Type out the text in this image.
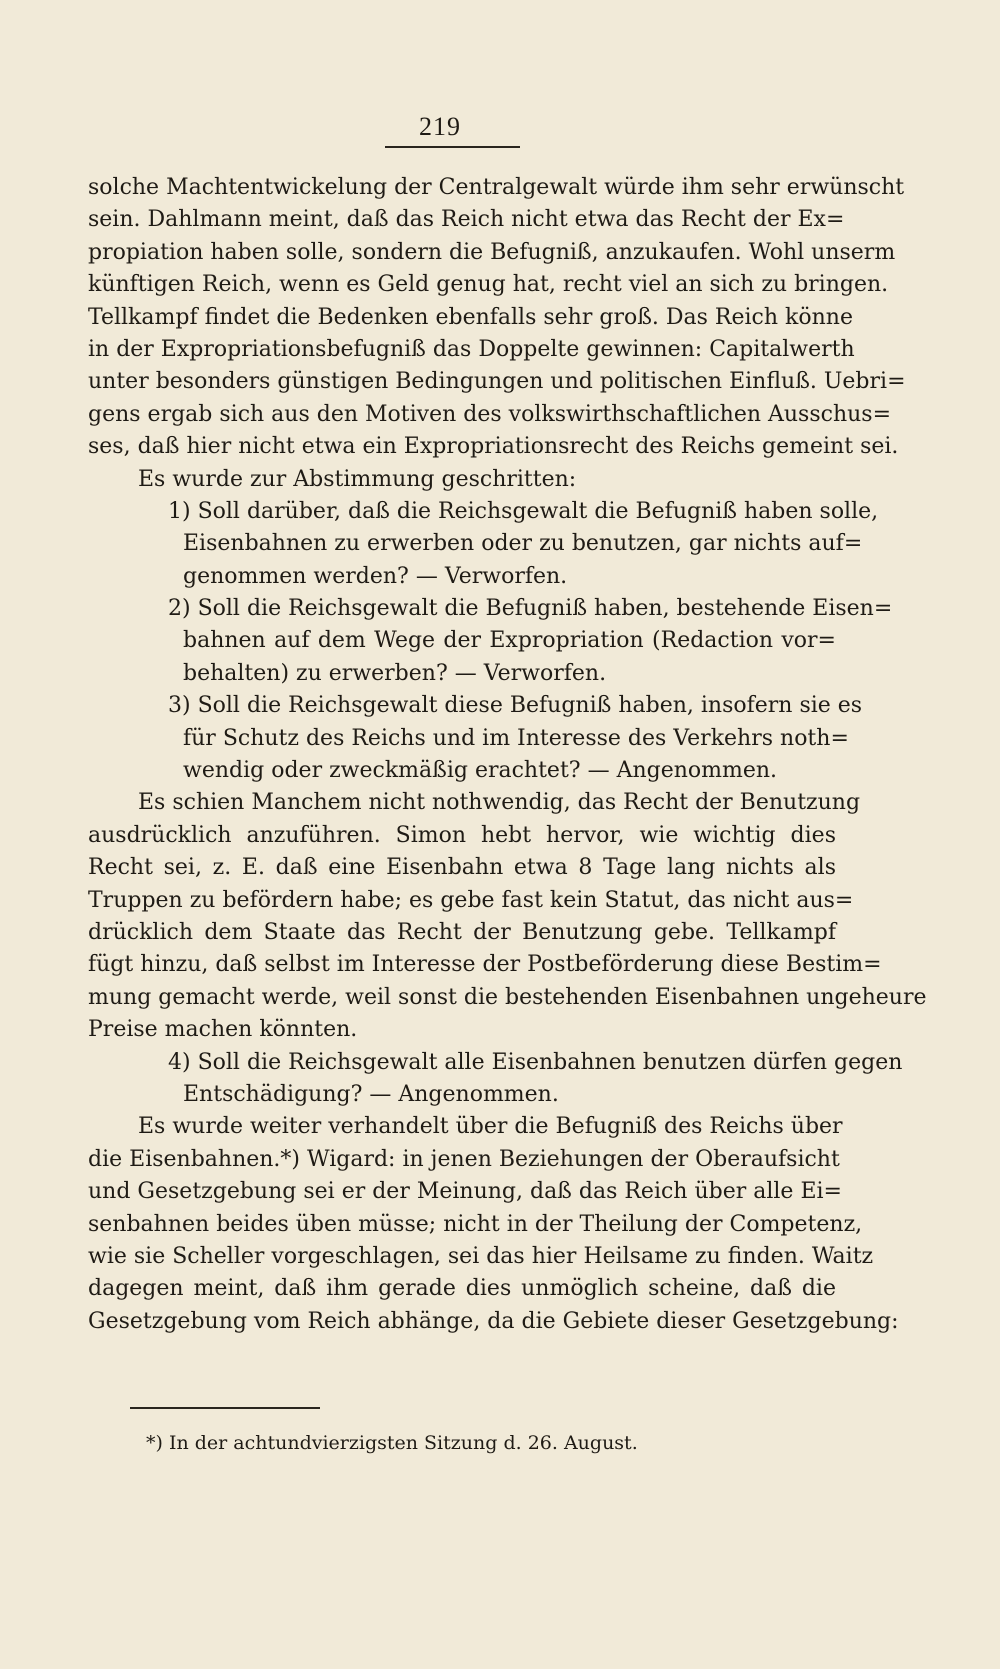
219
solche Machtentwickelung der Centralgewalt würde ihm sehr erwünscht
sein. Dahlmann meint, daß das Reich nicht etwa das Recht der Ex=
propiation haben solle, sondern die Befugniß, anzukaufen. Wohl unserm
künftigen Reich, wenn es Geld genug hat, recht viel an sich zu bringen.
Tellkampf findet die Bedenken ebenfalls sehr groß. Das Reich könne
in der Expropriationsbefugniß das Doppelte gewinnen: Capitalwerth
unter besonders günstigen Bedingungen und politischen Einfluß. Uebri=
gens ergab sich aus den Motiven des volkswirthschaftlichen Ausschus=
ses, daß hier nicht etwa ein Expropriationsrecht des Reichs gemeint sei.
Es wurde zur Abstimmung geschritten:
1) Soll darüber, daß die Reichsgewalt die Befugniß haben solle,
Eisenbahnen zu erwerben oder zu benutzen, gar nichts auf=
genommen werden? — Verworfen.
2) Soll die Reichsgewalt die Befugniß haben, bestehende Eisen=
bahnen auf dem Wege der Expropriation (Redaction vor=
behalten) zu erwerben? — Verworfen.
3) Soll die Reichsgewalt diese Befugniß haben, insofern sie es
für Schutz des Reichs und im Interesse des Verkehrs noth=
wendig oder zweckmäßig erachtet? — Angenommen.
Es schien Manchem nicht nothwendig, das Recht der Benutzung
ausdrücklich anzuführen. Simon hebt hervor, wie wichtig dies
Recht sei, z. E. daß eine Eisenbahn etwa 8 Tage lang nichts als
Truppen zu befördern habe; es gebe fast kein Statut, das nicht aus=
drücklich dem Staate das Recht der Benutzung gebe. Tellkampf
fügt hinzu, daß selbst im Interesse der Postbeförderung diese Bestim=
mung gemacht werde, weil sonst die bestehenden Eisenbahnen ungeheure
Preise machen könnten.
4) Soll die Reichsgewalt alle Eisenbahnen benutzen dürfen gegen
Entschädigung? — Angenommen.
Es wurde weiter verhandelt über die Befugniß des Reichs über
die Eisenbahnen.*) Wigard: in jenen Beziehungen der Oberaufsicht
und Gesetzgebung sei er der Meinung, daß das Reich über alle Ei=
senbahnen beides üben müsse; nicht in der Theilung der Competenz,
wie sie Scheller vorgeschlagen, sei das hier Heilsame zu finden. Waitz
dagegen meint, daß ihm gerade dies unmöglich scheine, daß die
Gesetzgebung vom Reich abhänge, da die Gebiete dieser Gesetzgebung:
*) In der achtundvierzigsten Sitzung d. 26. August.
